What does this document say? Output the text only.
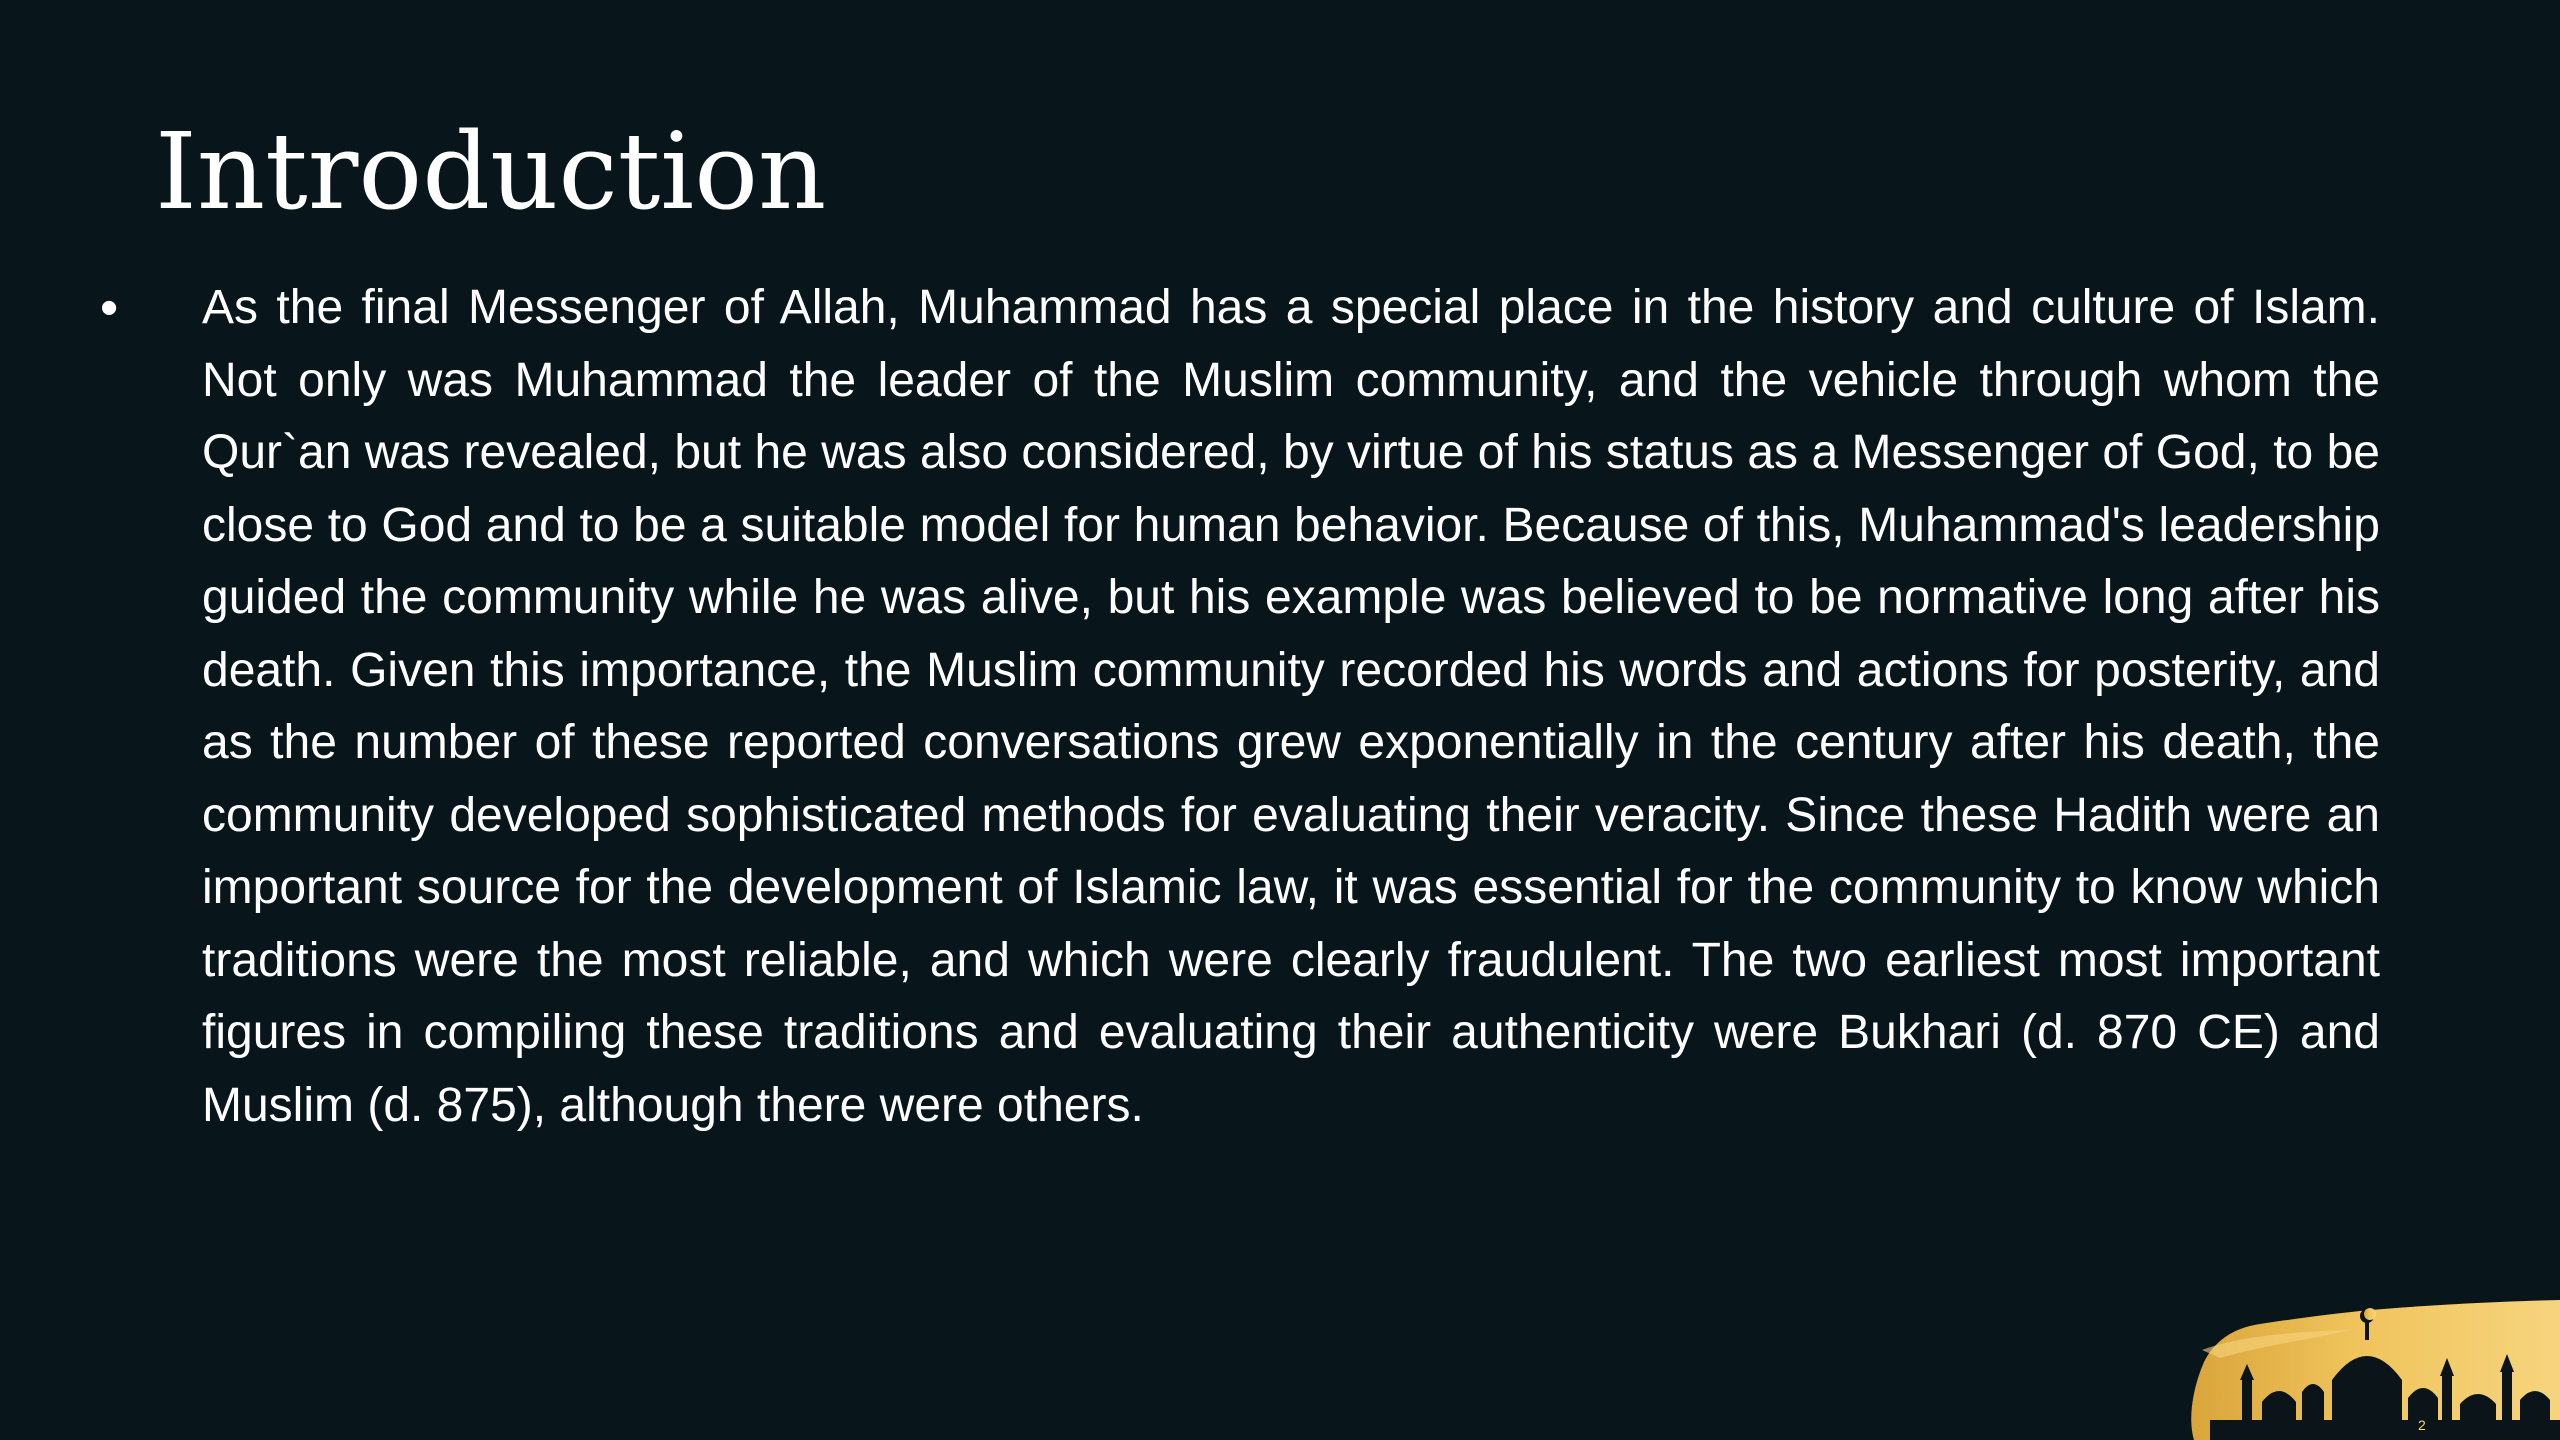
Introduction
•	As the final Messenger of Allah, Muhammad has a special place in the history and culture of Islam. Not only was Muhammad the leader of the Muslim community, and the vehicle through whom the Qur`an was revealed, but he was also considered, by virtue of his status as a Messenger of God, to be close to God and to be a suitable model for human behavior. Because of this, Muhammad's leadership guided the community while he was alive, but his example was believed to be normative long after his death. Given this importance, the Muslim community recorded his words and actions for posterity, and as the number of these reported conversations grew exponentially in the century after his death, the community developed sophisticated methods for evaluating their veracity. Since these Hadith were an important source for the development of Islamic law, it was essential for the community to know which traditions were the most reliable, and which were clearly fraudulent. The two earliest most important figures in compiling these traditions and evaluating their authenticity were Bukhari (d. 870 CE) and Muslim (d. 875), although there were others.

2
